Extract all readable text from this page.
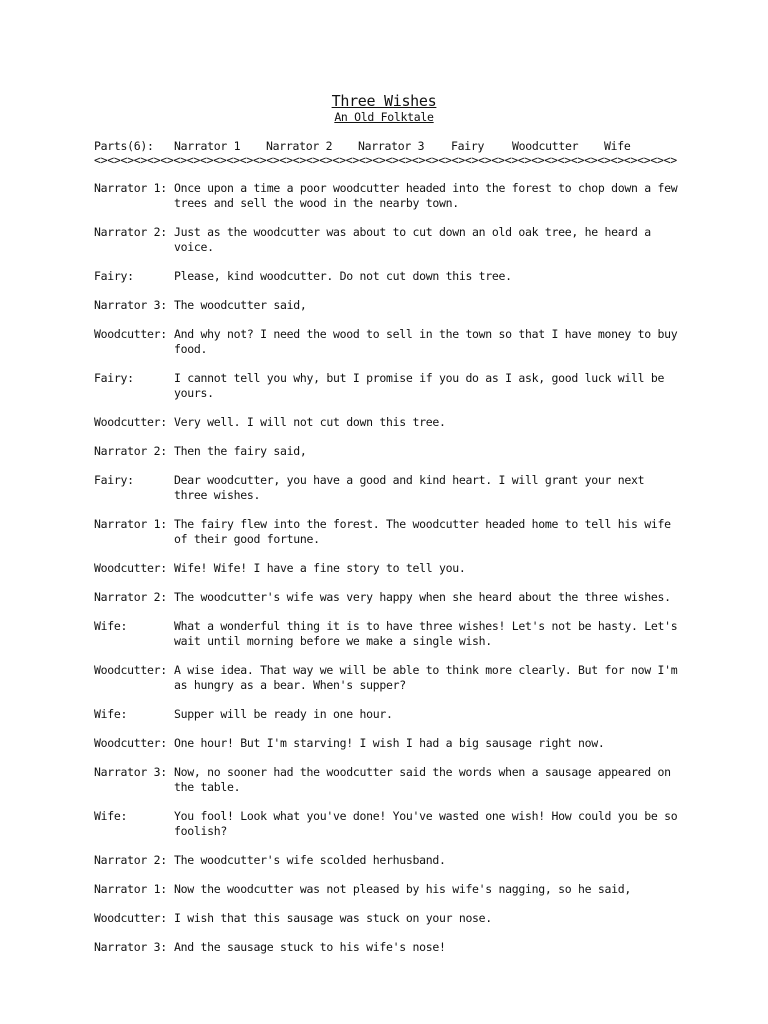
Three Wishes
An Old Folktale
Parts(6): Narrator 1 Narrator 2 Narrator 3 Fairy Woodcutter Wife
<><><><><><><><><><><><><><><><><><><><><><><><><><><><><><><><><><><><><><><><><><><><>
Narrator 1: Once upon a time a poor woodcutter headed into the forest to chop down a few trees and sell the wood in the nearby town.
Narrator 2: Just as the woodcutter was about to cut down an old oak tree, he heard a voice.
Fairy:	Please, kind woodcutter. Do not cut down this tree.
Narrator 3: The woodcutter said,
Woodcutter: And why not? I need the wood to sell in the town so that I have money to buy food.
Fairy:	I cannot tell you why, but I promise if you do as I ask, good luck will be yours.
Woodcutter: Very well. I will not cut down this tree.
Narrator 2: Then the fairy said,
Fairy:	Dear woodcutter, you have a good and kind heart. I will grant your next three wishes.
Narrator 1: The fairy flew into the forest. The woodcutter headed home to tell his wife of their good fortune.
Woodcutter: Wife! Wife! I have a fine story to tell you.
Narrator 2: The woodcutter's wife was very happy when she heard about the three wishes.
Wife:	What a wonderful thing it is to have three wishes! Let's not be hasty. Let's wait until morning before we make a single wish.
Woodcutter: A wise idea. That way we will be able to think more clearly. But for now I'm as hungry as a bear. When's supper?
Wife:	Supper will be ready in one hour.
Woodcutter: One hour! But I'm starving! I wish I had a big sausage right now.
Narrator 3: Now, no sooner had the woodcutter said the words when a sausage appeared on the table.
Wife:	You fool! Look what you've done! You've wasted one wish! How could you be so foolish?
Narrator 2: The woodcutter's wife scolded herhusband.
Narrator 1: Now the woodcutter was not pleased by his wife's nagging, so he said,
Woodcutter: I wish that this sausage was stuck on your nose.
Narrator 3: And the sausage stuck to his wife's nose!
